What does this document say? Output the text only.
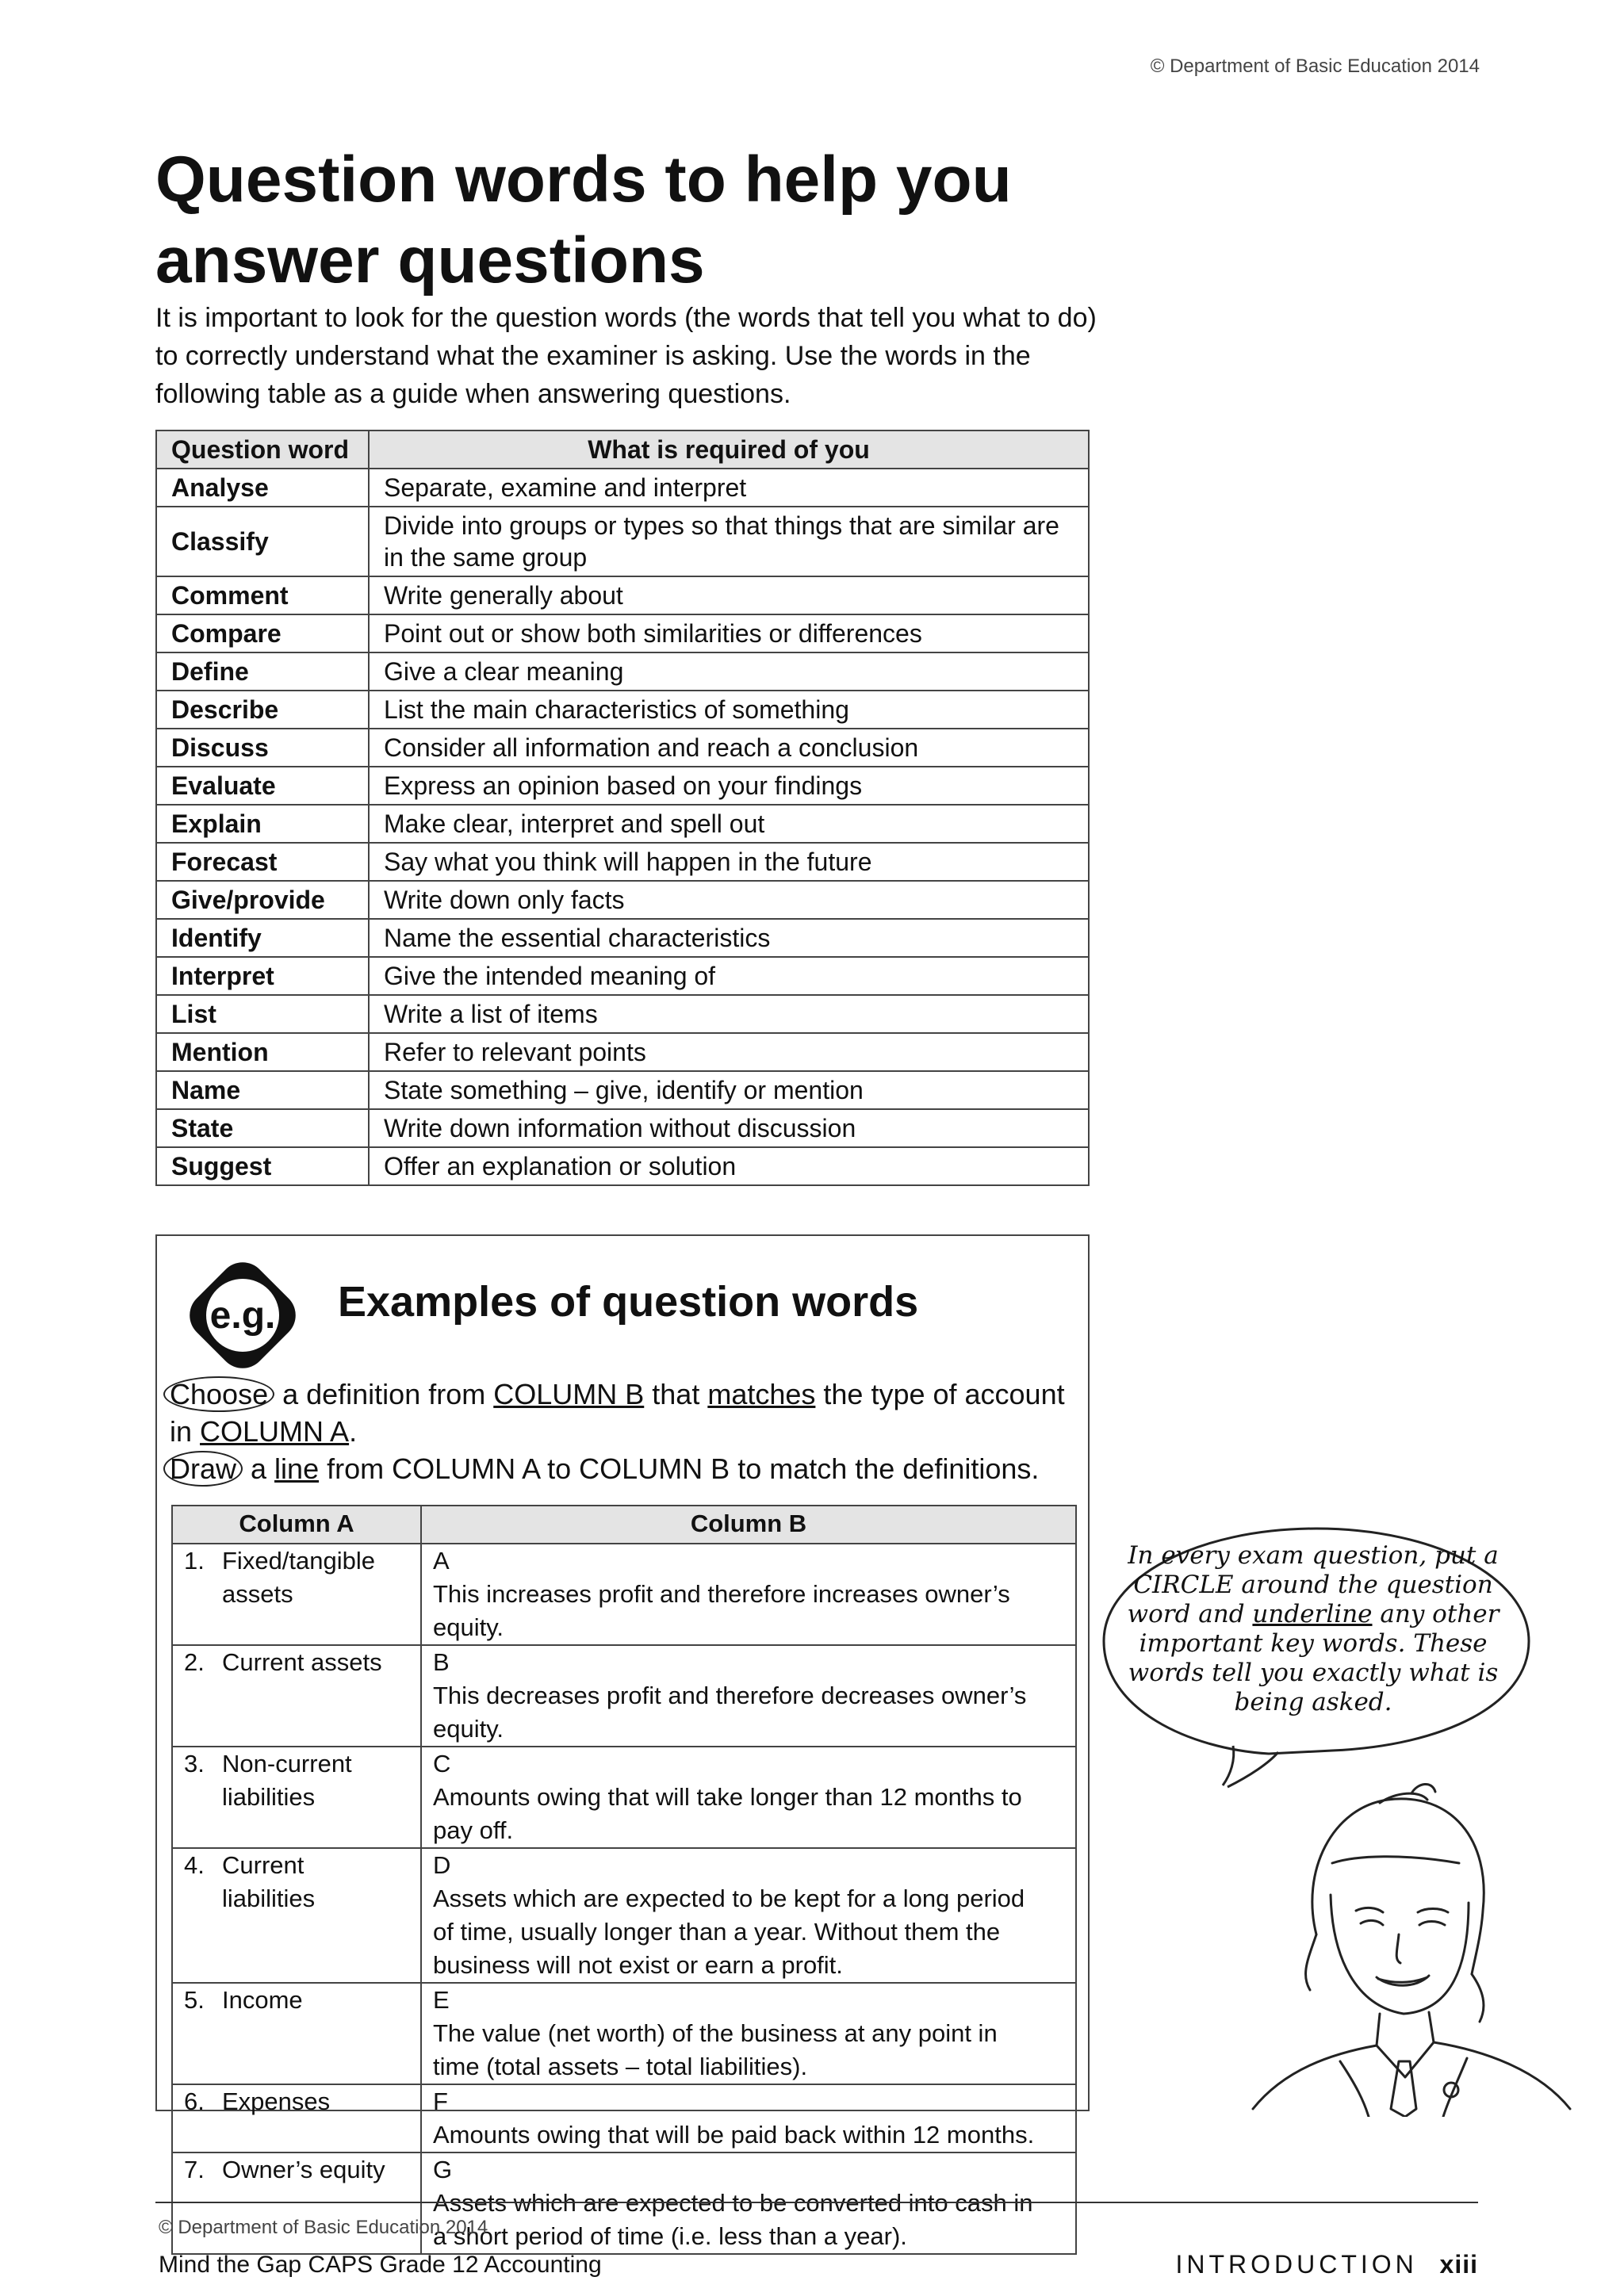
© Department of Basic Education 2014
Question words to help you answer questions
It is important to look for the question words (the words that tell you what to do) to correctly understand what the examiner is asking. Use the words in the following table as a guide when answering questions.
Question word	What is required of you
Analyse	Separate, examine and interpret
Classify	Divide into groups or types so that things that are similar are in the same group
Comment	Write generally about
Compare	Point out or show both similarities or differences
Define	Give a clear meaning
Describe	List the main characteristics of something
Discuss	Consider all information and reach a conclusion
Evaluate	Express an opinion based on your findings
Explain	Make clear, interpret and spell out
Forecast	Say what you think will happen in the future
Give/provide	Write down only facts
Identify	Name the essential characteristics
Interpret	Give the intended meaning of
List	Write a list of items
Mention	Refer to relevant points
Name	State something – give, identify or mention
State	Write down information without discussion
Suggest	Offer an explanation or solution
e.g. Examples of question words
Choose a definition from COLUMN B that matches the type of account in COLUMN A.
Draw a line from COLUMN A to COLUMN B to match the definitions.
Column A	Column B
1. Fixed/tangible assets	AThis increases profit and therefore increases owner’s equity.
2. Current assets	BThis decreases profit and therefore decreases owner’s equity.
3. Non-current liabilities	CAmounts owing that will take longer than 12 months to pay off.
4. Current liabilities	DAssets which are expected to be kept for a long period of time, usually longer than a year. Without them the business will not exist or earn a profit.
5. Income	EThe value (net worth) of the business at any point in time (total assets – total liabilities).
6. Expenses	FAmounts owing that will be paid back within 12 months.
7. Owner’s equity	GAssets which are expected to be converted into cash in a short period of time (i.e. less than a year).
In every exam question, put a CIRCLE around the question word and underline any other important key words. These words tell you exactly what is being asked.
© Department of Basic Education 2014
Mind the Gap CAPS Grade 12 Accounting	INTRODUCTION xiii
